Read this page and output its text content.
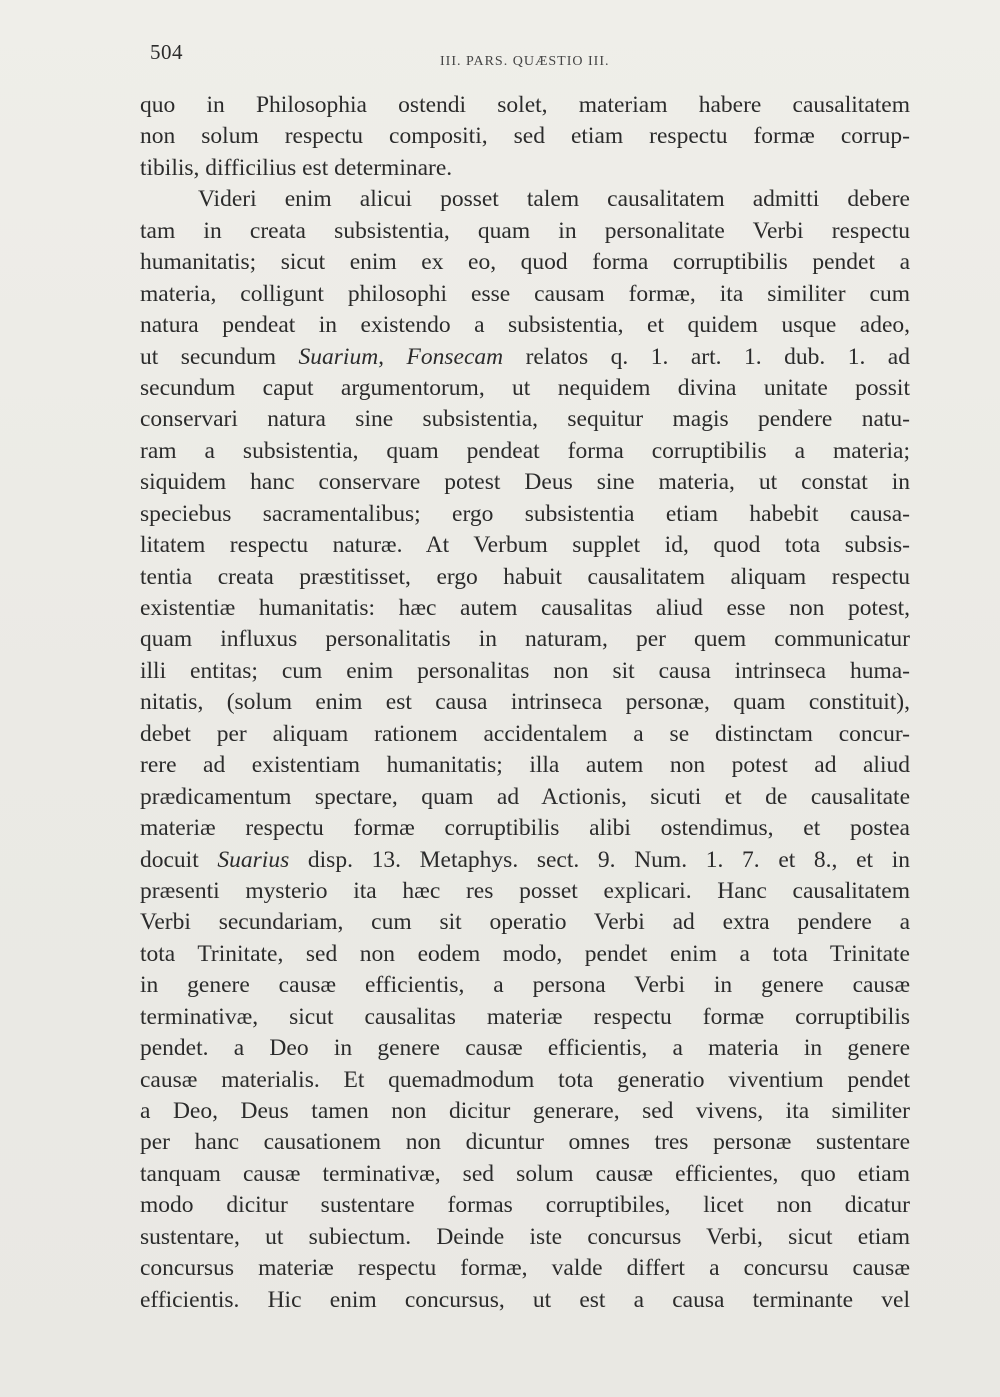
504	III. PARS. QUÆSTIO III.
quo in Philosophia ostendi solet, materiam habere causalitatem
non solum respectu compositi, sed etiam respectu formæ corrup-
tibilis, difficilius est determinare.
Videri enim alicui posset talem causalitatem admitti debere
tam in creata subsistentia, quam in personalitate Verbi respectu
humanitatis; sicut enim ex eo, quod forma corruptibilis pendet a
materia, colligunt philosophi esse causam formæ, ita similiter cum
natura pendeat in existendo a subsistentia, et quidem usque adeo,
ut secundum Suarium, Fonsecam relatos q. 1. art. 1. dub. 1. ad
secundum caput argumentorum, ut nequidem divina unitate possit
conservari natura sine subsistentia, sequitur magis pendere natu-
ram a subsistentia, quam pendeat forma corruptibilis a materia;
siquidem hanc conservare potest Deus sine materia, ut constat in
speciebus sacramentalibus; ergo subsistentia etiam habebit causa-
litatem respectu naturæ. At Verbum supplet id, quod tota subsis-
tentia creata præstitisset, ergo habuit causalitatem aliquam respectu
existentiæ humanitatis: hæc autem causalitas aliud esse non potest,
quam influxus personalitatis in naturam, per quem communicatur
illi entitas; cum enim personalitas non sit causa intrinseca huma-
nitatis, (solum enim est causa intrinseca personæ, quam constituit),
debet per aliquam rationem accidentalem a se distinctam concur-
rere ad existentiam humanitatis; illa autem non potest ad aliud
prædicamentum spectare, quam ad Actionis, sicuti et de causalitate
materiæ respectu formæ corruptibilis alibi ostendimus, et postea
docuit Suarius disp. 13. Metaphys. sect. 9. Num. 1. 7. et 8., et in
præsenti mysterio ita hæc res posset explicari. Hanc causalitatem
Verbi secundariam, cum sit operatio Verbi ad extra pendere a
tota Trinitate, sed non eodem modo, pendet enim a tota Trinitate
in genere causæ efficientis, a persona Verbi in genere causæ
terminativæ, sicut causalitas materiæ respectu formæ corruptibilis
pendet. a Deo in genere causæ efficientis, a materia in genere
causæ materialis. Et quemadmodum tota generatio viventium pendet
a Deo, Deus tamen non dicitur generare, sed vivens, ita similiter
per hanc causationem non dicuntur omnes tres personæ sustentare
tanquam causæ terminativæ, sed solum causæ efficientes, quo etiam
modo dicitur sustentare formas corruptibiles, licet non dicatur
sustentare, ut subiectum. Deinde iste concursus Verbi, sicut etiam
concursus materiæ respectu formæ, valde differt a concursu causæ
efficientis. Hic enim concursus, ut est a causa terminante vel
